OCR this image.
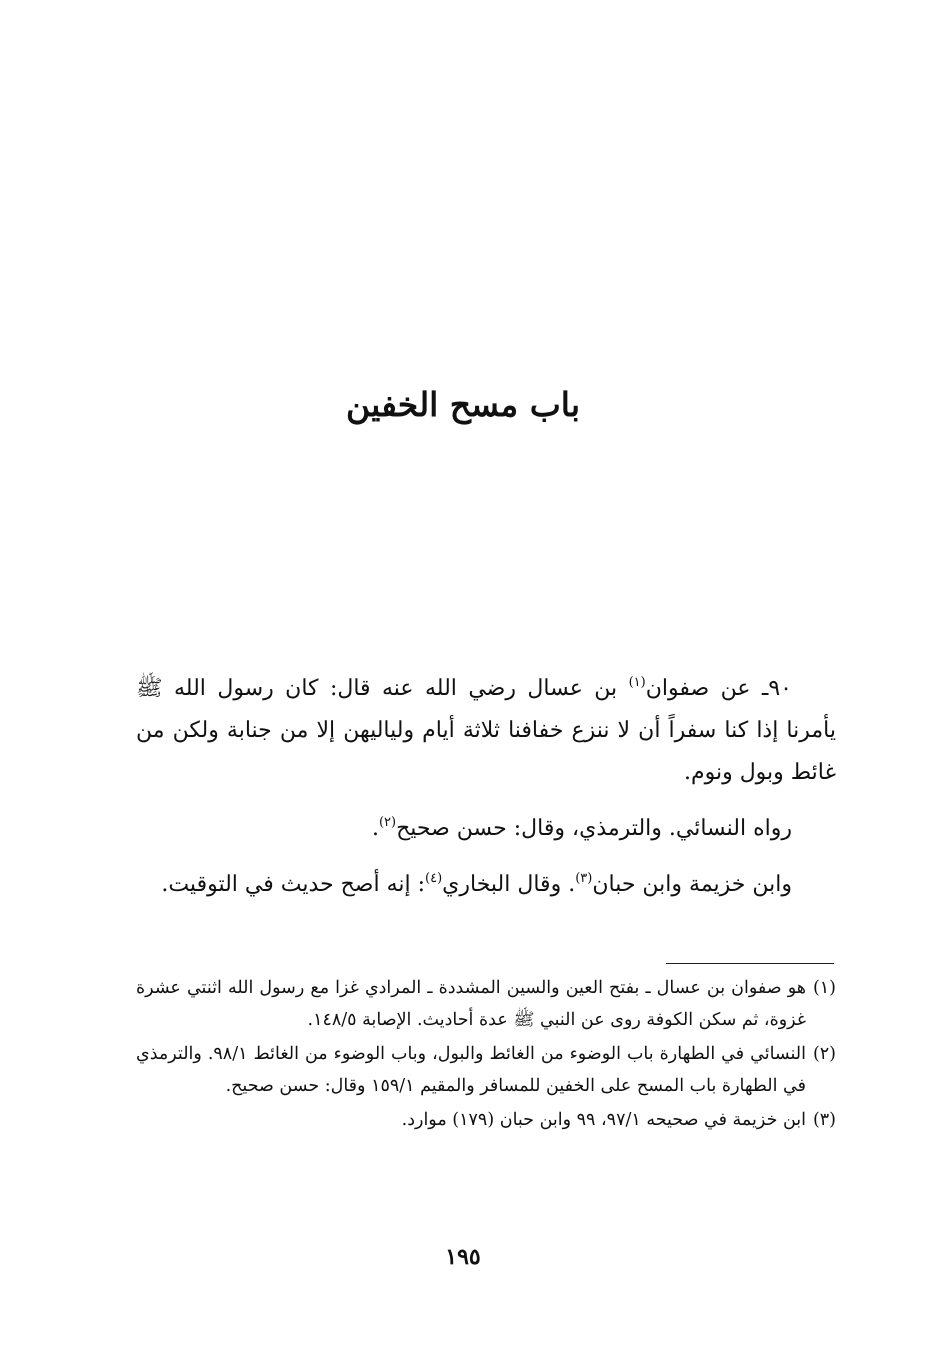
باب مسح الخفين

٩٠ـ عن صفوان$^{(١)}$ بن عسال رضي الله عنه قال: كان رسول الله ﷺ يأمرنا إذا كنا سفراً أن لا ننزع خفافنا ثلاثة أيام ولياليهن إلا من جنابة ولكن من غائط وبول ونوم.

رواه النسائي. والترمذي، وقال: حسن صحيح$^{(٢)}$.

وابن خزيمة وابن حبان$^{(٣)}$. وقال البخاري$^{(٤)}$: إنه أصح حديث في التوقيت.

(١)
هو صفوان بن عسال ـ بفتح العين والسين المشددة ـ المرادي غزا مع رسول الله اثنتي عشرة غزوة، ثم سكن الكوفة روى عن النبي ﷺ عدة أحاديث. الإصابة ١٤٨/٥.
(٢)
النسائي في الطهارة باب الوضوء من الغائط والبول، وباب الوضوء من الغائط ٩٨/١. والترمذي في الطهارة باب المسح على الخفين للمسافر والمقيم ١٥٩/١ وقال: حسن صحيح.
(٣)
ابن خزيمة في صحيحه ٩٧/١، ٩٩ وابن حبان (١٧٩) موارد.
١٩٥
